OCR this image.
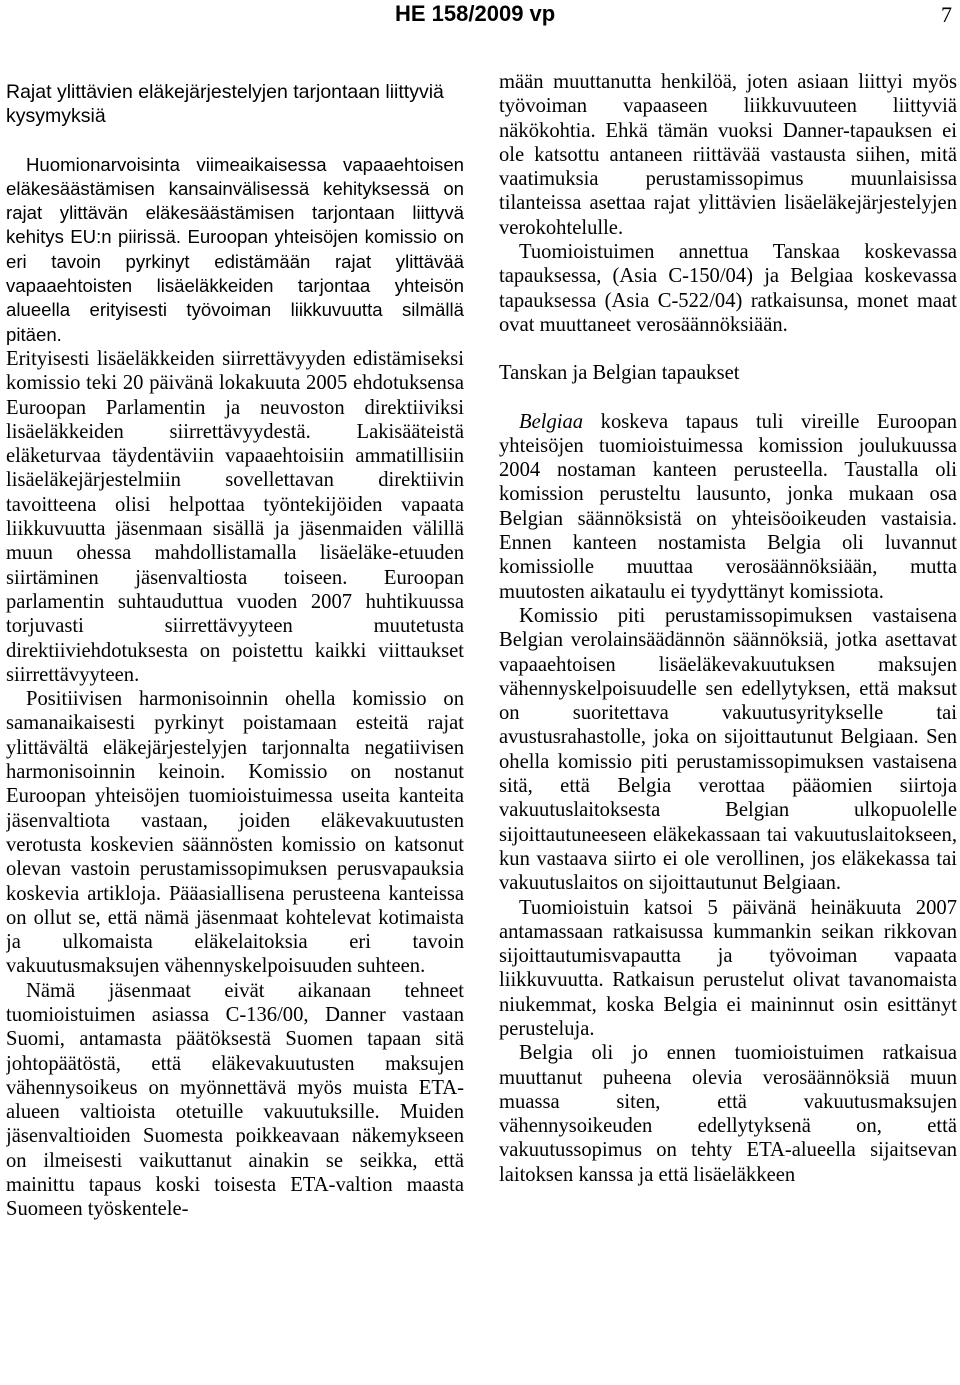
HE 158/2009 vp	7
Rajat ylittävien eläkejärjestelyjen tarjontaan liittyviä kysymyksiä

Huomionarvoisinta viimeaikaisessa vapaaehtoisen eläkesäästämisen kansainvälisessä kehityksessä on rajat ylittävän eläkesäästämisen tarjontaan liittyvä kehitys EU:n piirissä. Euroopan yhteisöjen komissio on eri tavoin pyrkinyt edistämään rajat ylittävää vapaaehtoisten lisäeläkkeiden tarjontaa yhteisön alueella erityisesti työvoiman liikkuvuutta silmällä pitäen.

Erityisesti lisäeläkkeiden siirrettävyyden edistämiseksi komissio teki 20 päivänä lokakuuta 2005 ehdotuksensa Euroopan Parlamentin ja neuvoston direktiiviksi lisäeläkkeiden siirrettävyydestä. Lakisääteistä eläketurvaa täydentäviin vapaaehtoisiin ammatillisiin lisäeläkejärjestelmiin sovellettavan direktiivin tavoitteena olisi helpottaa työntekijöiden vapaata liikkuvuutta jäsenmaan sisällä ja jäsenmaiden välillä muun ohessa mahdollistamalla lisäeläke-etuuden siirtäminen jäsenvaltiosta toiseen. Euroopan parlamentin suhtauduttua vuoden 2007 huhtikuussa torjuvasti siirrettävyyteen muutetusta direktiiviehdotuksesta on poistettu kaikki viittaukset siirrettävyyteen.

Positiivisen harmonisoinnin ohella komissio on samanaikaisesti pyrkinyt poistamaan esteitä rajat ylittävältä eläkejärjestelyjen tarjonnalta negatiivisen harmonisoinnin keinoin. Komissio on nostanut Euroopan yhteisöjen tuomioistuimessa useita kanteita jäsenvaltiota vastaan, joiden eläkevakuutusten verotusta koskevien säännösten komissio on katsonut olevan vastoin perustamissopimuksen perusvapauksia koskevia artikloja. Pääasiallisena perusteena kanteissa on ollut se, että nämä jäsenmaat kohtelevat kotimaista ja ulkomaista eläkelaitoksia eri tavoin vakuutusmaksujen vähennyskelpoisuuden suhteen.

Nämä jäsenmaat eivät aikanaan tehneet tuomioistuimen asiassa C-136/00, Danner vastaan Suomi, antamasta päätöksestä Suomen tapaan sitä johtopäätöstä, että eläkevakuutusten maksujen vähennysoikeus on myönnettävä myös muista ETA-alueen valtioista otetuille vakuutuksille. Muiden jäsenvaltioiden Suomesta poikkeavaan näkemykseen on ilmeisesti vaikuttanut ainakin se seikka, että mainittu tapaus koski toisesta ETA-valtion maasta Suomeen työskentele-

mään muuttanutta henkilöä, joten asiaan liittyi myös työvoiman vapaaseen liikkuvuuteen liittyviä näkökohtia. Ehkä tämän vuoksi Danner-tapauksen ei ole katsottu antaneen riittävää vastausta siihen, mitä vaatimuksia perustamissopimus muunlaisissa tilanteissa asettaa rajat ylittävien lisäeläkejärjestelyjen verokohtelulle.

Tuomioistuimen annettua Tanskaa koskevassa tapauksessa, (Asia C-150/04) ja Belgiaa koskevassa tapauksessa (Asia C-522/04) ratkaisunsa, monet maat ovat muuttaneet verosäännöksiään.

Tanskan ja Belgian tapaukset

Belgiaa koskeva tapaus tuli vireille Euroopan yhteisöjen tuomioistuimessa komission joulukuussa 2004 nostaman kanteen perusteella. Taustalla oli komission perusteltu lausunto, jonka mukaan osa Belgian säännöksistä on yhteisöoikeuden vastaisia. Ennen kanteen nostamista Belgia oli luvannut komissiolle muuttaa verosäännöksiään, mutta muutosten aikataulu ei tyydyttänyt komissiota.

Komissio piti perustamissopimuksen vastaisena Belgian verolainsäädännön säännöksiä, jotka asettavat vapaaehtoisen lisäeläkevakuutuksen maksujen vähennyskelpoisuudelle sen edellytyksen, että maksut on suoritettava vakuutusyritykselle tai avustusrahastolle, joka on sijoittautunut Belgiaan. Sen ohella komissio piti perustamissopimuksen vastaisena sitä, että Belgia verottaa pääomien siirtoja vakuutuslaitoksesta Belgian ulkopuolelle sijoittautuneeseen eläkekassaan tai vakuutuslaitokseen, kun vastaava siirto ei ole verollinen, jos eläkekassa tai vakuutuslaitos on sijoittautunut Belgiaan.

Tuomioistuin katsoi 5 päivänä heinäkuuta 2007 antamassaan ratkaisussa kummankin seikan rikkovan sijoittautumisvapautta ja työvoiman vapaata liikkuvuutta. Ratkaisun perustelut olivat tavanomaista niukemmat, koska Belgia ei maininnut osin esittänyt perusteluja.

Belgia oli jo ennen tuomioistuimen ratkaisua muuttanut puheena olevia verosäännöksiä muun muassa siten, että vakuutusmaksujen vähennysoikeuden edellytyksenä on, että vakuutussopimus on tehty ETA-alueella sijaitsevan laitoksen kanssa ja että lisäeläkkeen
